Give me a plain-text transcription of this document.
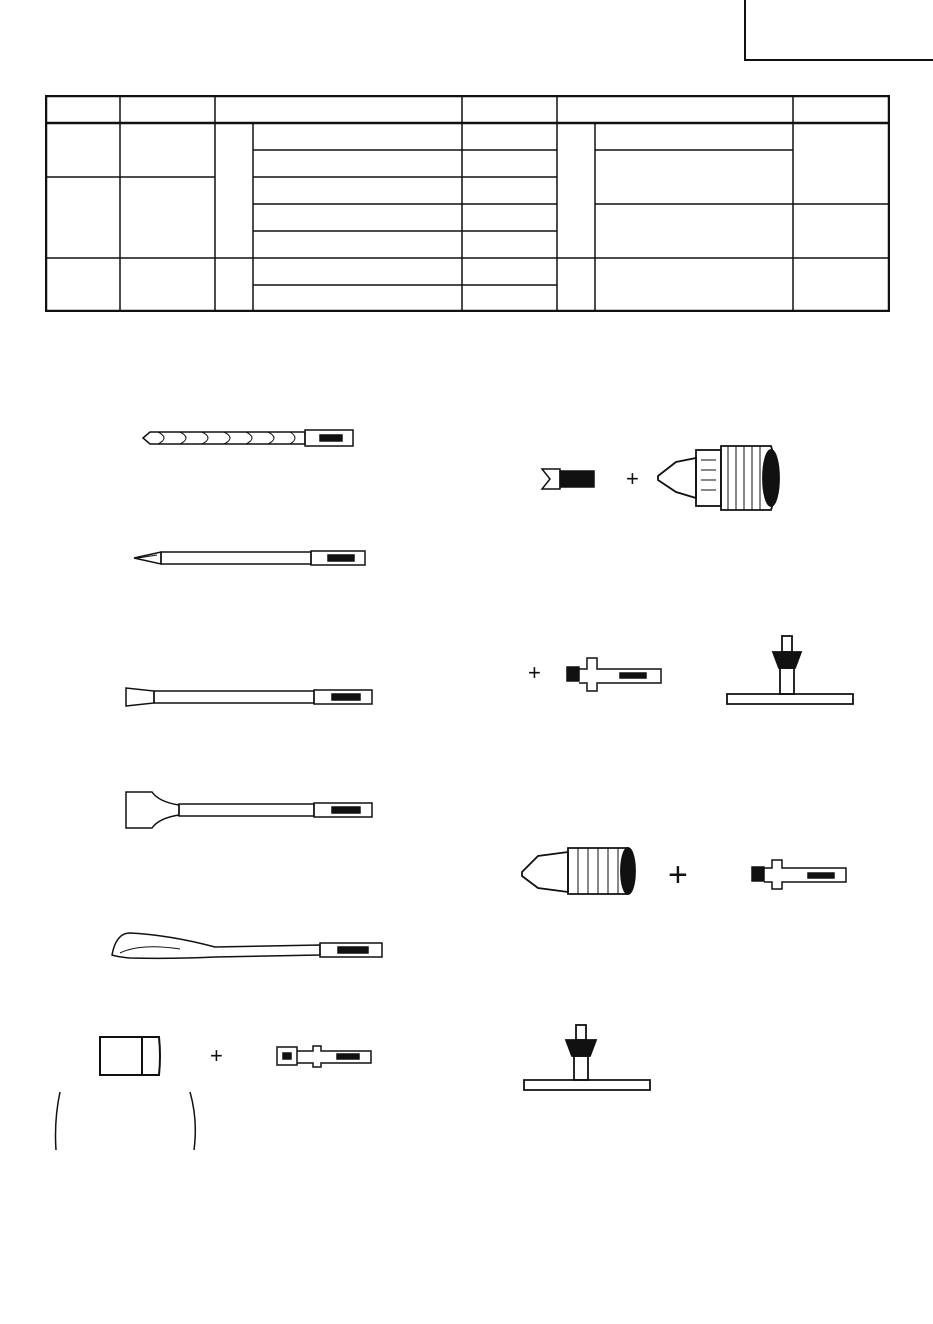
+
+
+
+
